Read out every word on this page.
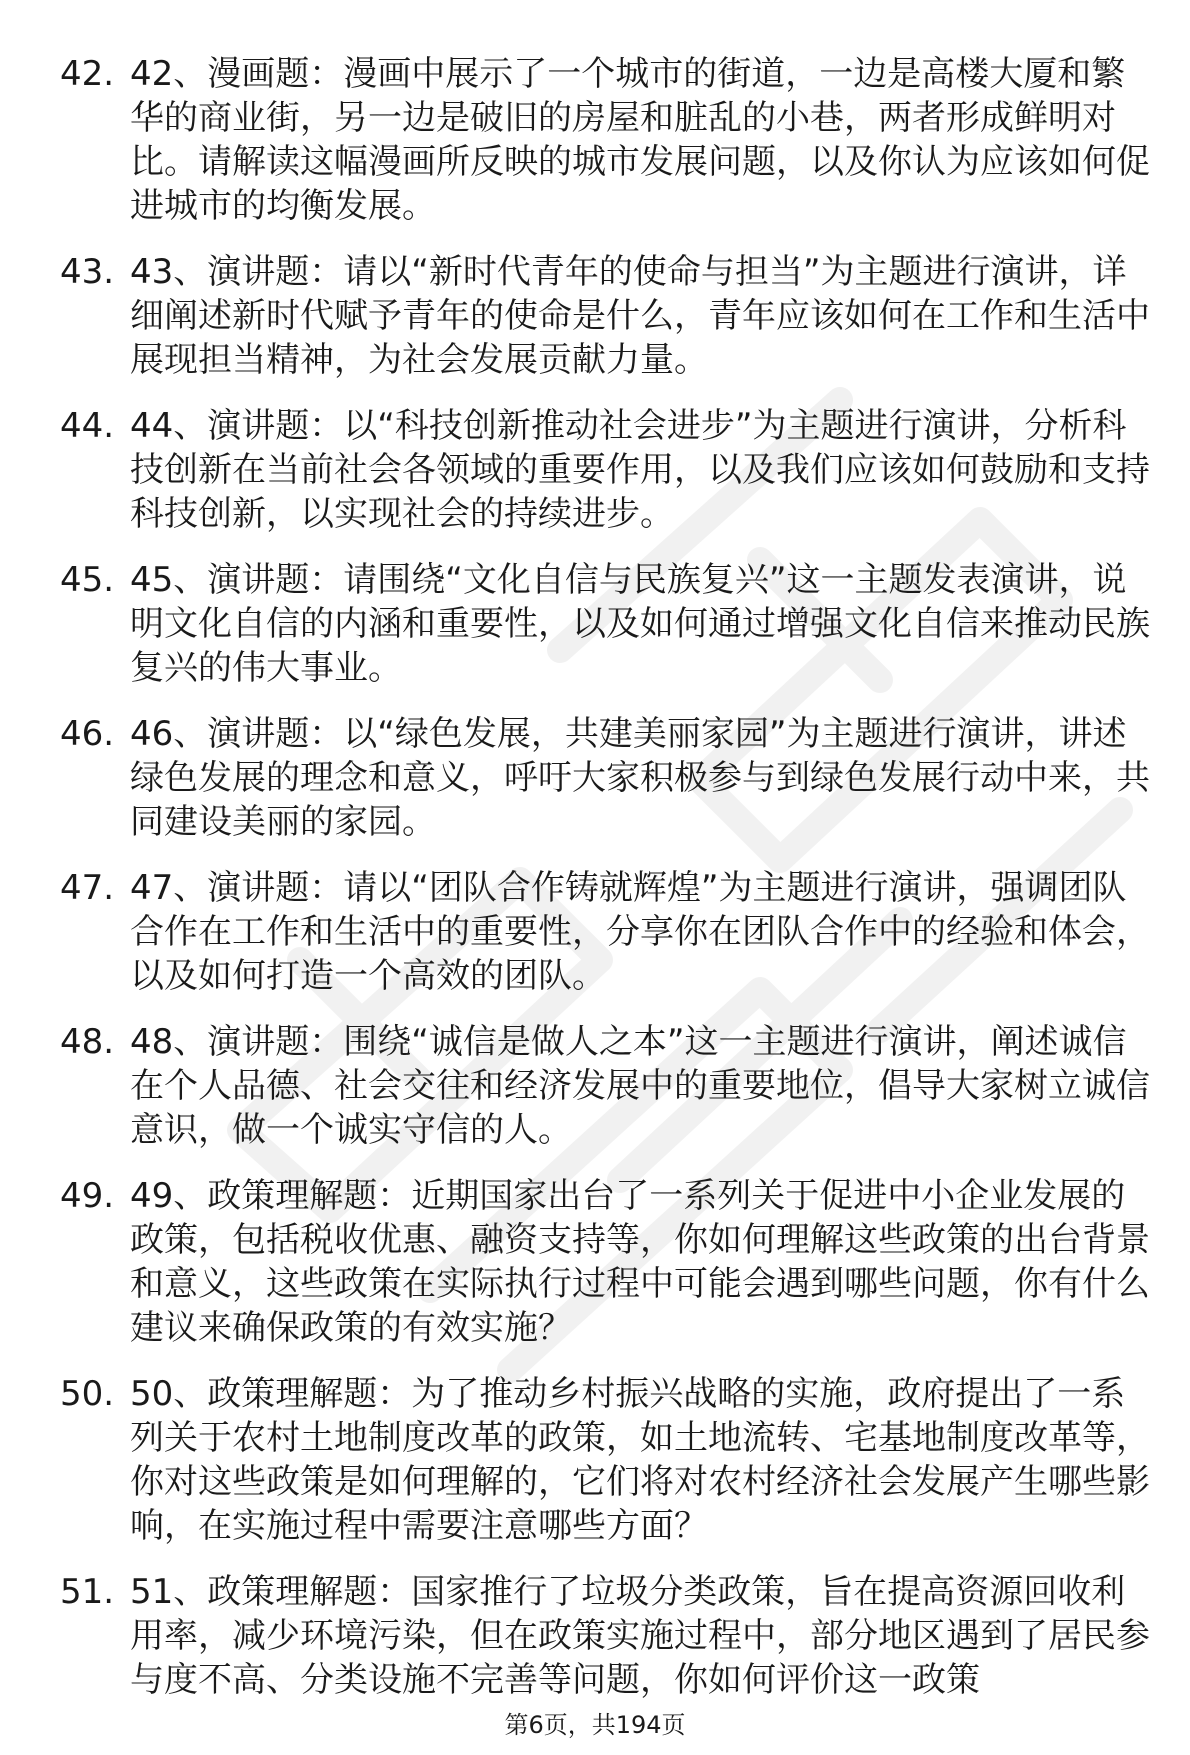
42. 42、漫画题：漫画中展示了一个城市的街道，一边是高楼大厦和繁华的商业街，另一边是破旧的房屋和脏乱的小巷，两者形成鲜明对比。请解读这幅漫画所反映的城市发展问题，以及你认为应该如何促进城市的均衡发展。
43. 43、演讲题：请以“新时代青年的使命与担当”为主题进行演讲，详细阐述新时代赋予青年的使命是什么，青年应该如何在工作和生活中展现担当精神，为社会发展贡献力量。
44. 44、演讲题：以“科技创新推动社会进步”为主题进行演讲，分析科技创新在当前社会各领域的重要作用，以及我们应该如何鼓励和支持科技创新，以实现社会的持续进步。
45. 45、演讲题：请围绕“文化自信与民族复兴”这一主题发表演讲，说明文化自信的内涵和重要性，以及如何通过增强文化自信来推动民族复兴的伟大事业。
46. 46、演讲题：以“绿色发展，共建美丽家园”为主题进行演讲，讲述绿色发展的理念和意义，呼吁大家积极参与到绿色发展行动中来，共同建设美丽的家园。
47. 47、演讲题：请以“团队合作铸就辉煌”为主题进行演讲，强调团队合作在工作和生活中的重要性，分享你在团队合作中的经验和体会，以及如何打造一个高效的团队。
48. 48、演讲题：围绕“诚信是做人之本”这一主题进行演讲，阐述诚信在个人品德、社会交往和经济发展中的重要地位，倡导大家树立诚信意识，做一个诚实守信的人。
49. 49、政策理解题：近期国家出台了一系列关于促进中小企业发展的政策，包括税收优惠、融资支持等，你如何理解这些政策的出台背景和意义，这些政策在实际执行过程中可能会遇到哪些问题，你有什么建议来确保政策的有效实施？
50. 50、政策理解题：为了推动乡村振兴战略的实施，政府提出了一系列关于农村土地制度改革的政策，如土地流转、宅基地制度改革等，你对这些政策是如何理解的，它们将对农村经济社会发展产生哪些影响，在实施过程中需要注意哪些方面？
51. 51、政策理解题：国家推行了垃圾分类政策，旨在提高资源回收利用率，减少环境污染，但在政策实施过程中，部分地区遇到了居民参与度不高、分类设施不完善等问题，你如何评价这一政策
第6页，共194页
